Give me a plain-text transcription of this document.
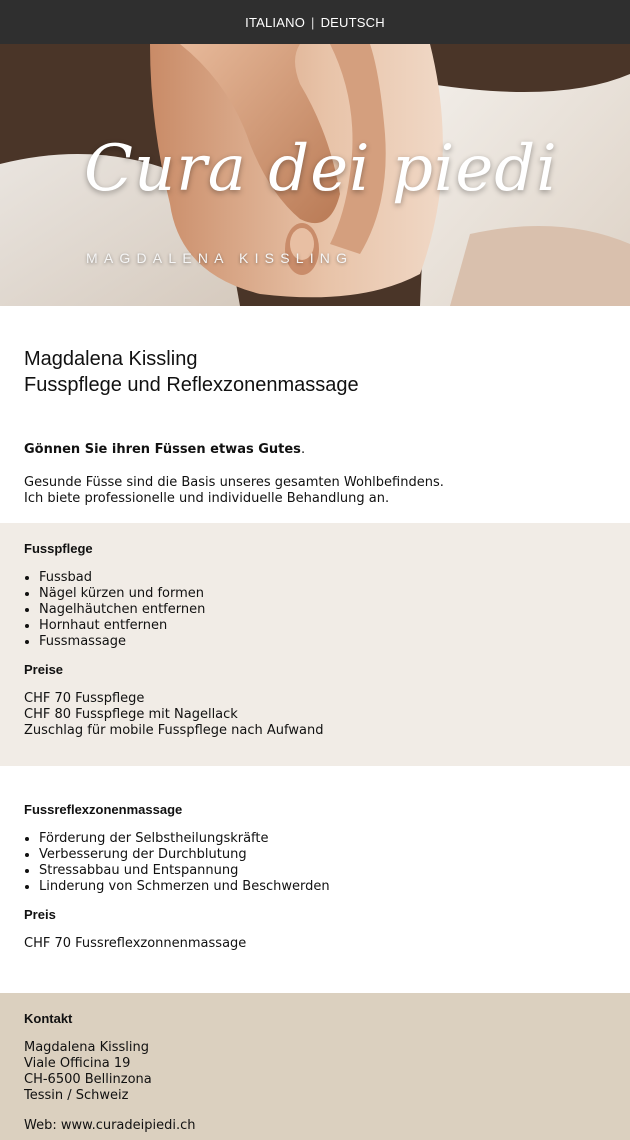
ITALIANO | DEUTSCH
Cura dei piedi
MAGDALENA KISSLING
Magdalena Kissling
Fusspflege und Reflexzonenmassage

Gönnen Sie ihren Füssen etwas Gutes.

Gesunde Füsse sind die Basis unseres gesamten Wohlbefindens.
Ich biete professionelle und individuelle Behandlung an.

Fusspflege
• Fussbad
• Nägel kürzen und formen
• Nagelhäutchen entfernen
• Hornhaut entfernen
• Fussmassage
Preise
CHF 70 Fusspflege
CHF 80 Fusspflege mit Nagellack
Zuschlag für mobile Fusspflege nach Aufwand
Fussreflexzonenmassage
• Förderung der Selbstheilungskräfte
• Verbesserung der Durchblutung
• Stressabbau und Entspannung
• Linderung von Schmerzen und Beschwerden
Preis
CHF 70 Fussreflexzonnenmassage
Kontakt
Magdalena Kissling
Viale Officina 19
CH-6500 Bellinzona
Tessin / Schweiz
Web: www.curadeipiedi.ch
